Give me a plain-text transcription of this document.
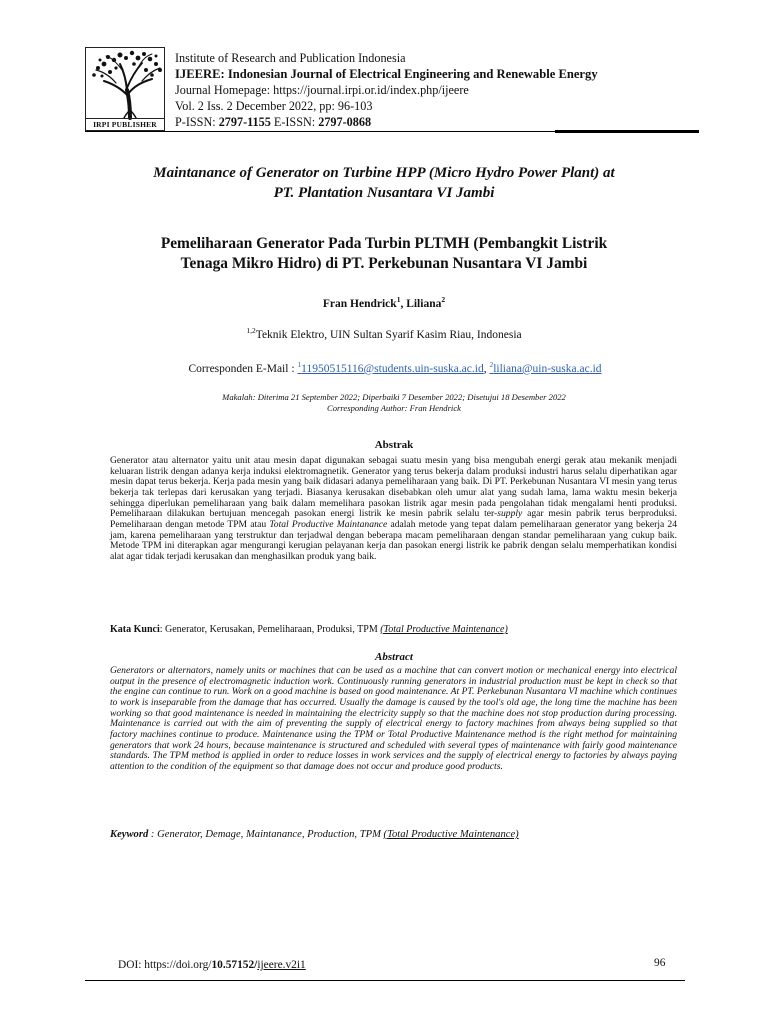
IRPI PUBLISHER
Institute of Research and Publication Indonesia
IJEERE: Indonesian Journal of Electrical Engineering and Renewable Energy
Journal Homepage: https://journal.irpi.or.id/index.php/ijeere
Vol. 2 Iss. 2 December 2022, pp: 96-103
P-ISSN: 2797-1155 E-ISSN: 2797-0868
Maintanance of Generator on Turbine HPP (Micro Hydro Power Plant) at
PT. Plantation Nusantara VI Jambi
Pemeliharaan Generator Pada Turbin PLTMH (Pembangkit Listrik
Tenaga Mikro Hidro) di PT. Perkebunan Nusantara VI Jambi
Fran Hendrick$^1$, Liliana$^2$
$^{1,2}$Teknik Elektro, UIN Sultan Syarif Kasim Riau, Indonesia
Corresponden E-Mail : $^1$11950515116@students.uin-suska.ac.id, $^2$liliana@uin-suska.ac.id
Makalah: Diterima 21 September 2022; Diperbaiki 7 Desember 2022; Disetujui 18 Desember 2022
Corresponding Author: Fran Hendrick
Abstrak
Generator atau alternator yaitu unit atau mesin dapat digunakan sebagai suatu mesin yang bisa mengubah energi gerak atau mekanik menjadi keluaran listrik dengan adanya kerja induksi elektromagnetik. Generator yang terus bekerja dalam produksi industri harus selalu diperhatikan agar mesin dapat terus bekerja. Kerja pada mesin yang baik didasari adanya pemeliharaan yang baik. Di PT. Perkebunan Nusantara VI mesin yang terus bekerja tak terlepas dari kerusakan yang terjadi. Biasanya kerusakan disebabkan oleh umur alat yang sudah lama, lama waktu mesin bekerja sehingga diperlukan pemeliharaan yang baik dalam memelihara pasokan listrik agar mesin pada pengolahan tidak mengalami henti produksi. Pemeliharaan dilakukan bertujuan mencegah pasokan energi listrik ke mesin pabrik selalu ter-supply agar mesin pabrik terus berproduksi. Pemeliharaan dengan metode TPM atau Total Productive Maintanance adalah metode yang tepat dalam pemeliharaan generator yang bekerja 24 jam, karena pemeliharaan yang terstruktur dan terjadwal dengan beberapa macam pemeliharaan dengan standar pemeliharaan yang cukup baik. Metode TPM ini diterapkan agar mengurangi kerugian pelayanan kerja dan pasokan energi listrik ke pabrik dengan selalu memperhatikan kondisi alat agar tidak terjadi kerusakan dan menghasilkan produk yang baik.
Kata Kunci: Generator, Kerusakan, Pemeliharaan, Produksi, TPM (Total Productive Maintenance)
Abstract
Generators or alternators, namely units or machines that can be used as a machine that can convert motion or mechanical energy into electrical output in the presence of electromagnetic induction work. Continuously running generators in industrial production must be kept in check so that the engine can continue to run. Work on a good machine is based on good maintenance. At PT. Perkebunan Nusantara VI machine which continues to work is inseparable from the damage that has occurred. Usually the damage is caused by the tool's old age, the long time the machine has been working so that good maintenance is needed in maintaining the electricity supply so that the machine does not stop production during processing. Maintenance is carried out with the aim of preventing the supply of electrical energy to factory machines from always being supplied so that factory machines continue to produce. Maintenance using the TPM or Total Productive Maintenance method is the right method for maintaining generators that work 24 hours, because maintenance is structured and scheduled with several types of maintenance with fairly good maintenance standards. The TPM method is applied in order to reduce losses in work services and the supply of electrical energy to factories by always paying attention to the condition of the equipment so that damage does not occur and produce good products.
Keyword : Generator, Demage, Maintanance, Production, TPM (Total Productive Maintenance)
DOI: https://doi.org/10.57152/ijeere.v2i1	96
